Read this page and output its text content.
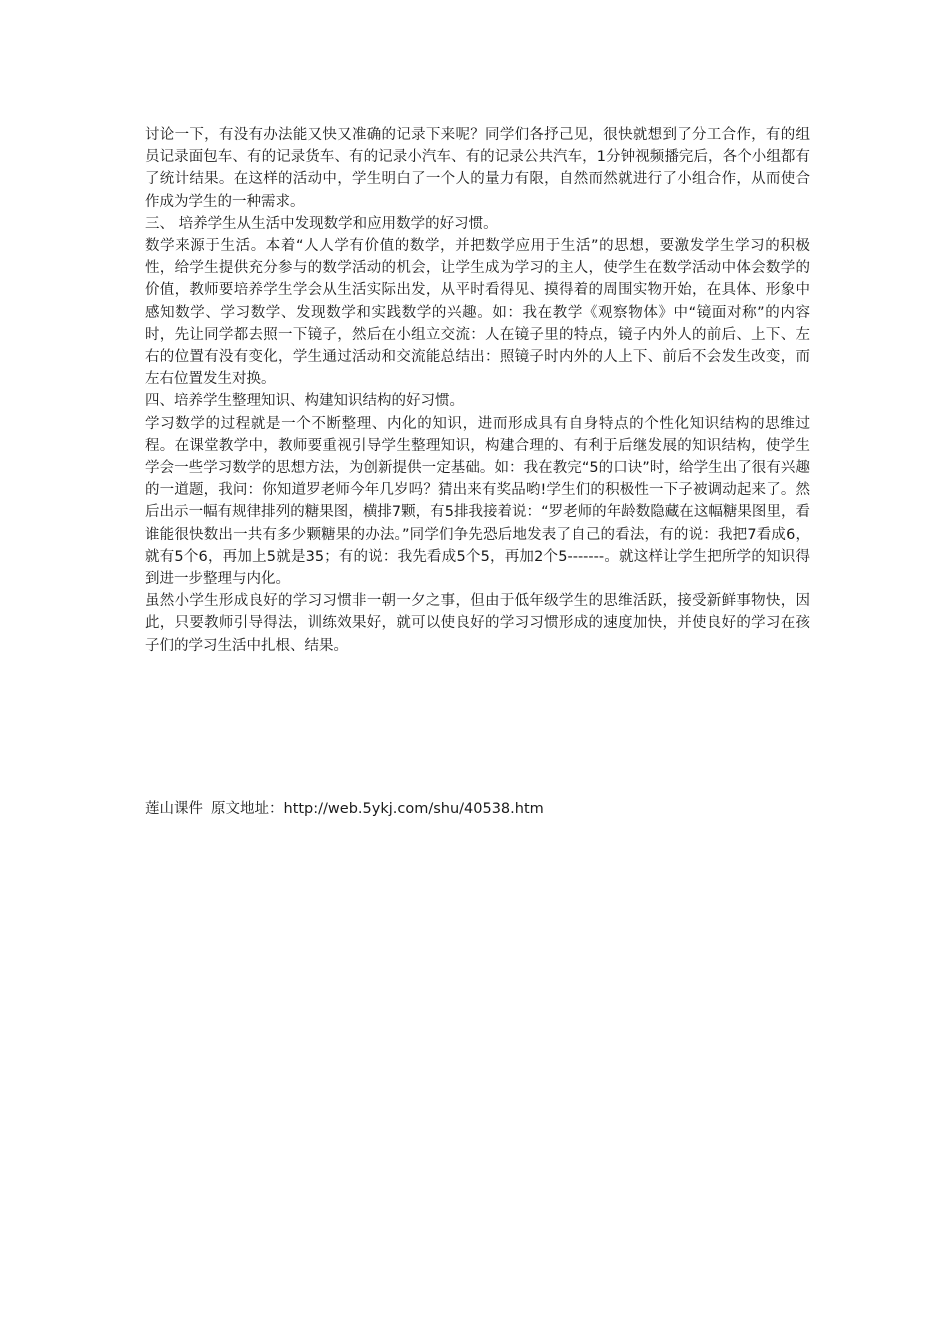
讨论一下，有没有办法能又快又准确的记录下来呢？同学们各抒己见，很快就想到了分工合作，有的组员记录面包车、有的记录货车、有的记录小汽车、有的记录公共汽车，1分钟视频播完后，各个小组都有了统计结果。在这样的活动中，学生明白了一个人的量力有限，自然而然就进行了小组合作，从而使合作成为学生的一种需求。

三、 培养学生从生活中发现数学和应用数学的好习惯。

数学来源于生活。本着“人人学有价值的数学，并把数学应用于生活”的思想，要激发学生学习的积极性，给学生提供充分参与的数学活动的机会，让学生成为学习的主人，使学生在数学活动中体会数学的价值，教师要培养学生学会从生活实际出发，从平时看得见、摸得着的周围实物开始，在具体、形象中感知数学、学习数学、发现数学和实践数学的兴趣。如：我在教学《观察物体》中“镜面对称”的内容时，先让同学都去照一下镜子，然后在小组立交流：人在镜子里的特点，镜子内外人的前后、上下、左右的位置有没有变化，学生通过活动和交流能总结出：照镜子时内外的人上下、前后不会发生改变，而左右位置发生对换。

四、培养学生整理知识、构建知识结构的好习惯。

学习数学的过程就是一个不断整理、内化的知识，进而形成具有自身特点的个性化知识结构的思维过程。在课堂教学中，教师要重视引导学生整理知识，构建合理的、有利于后继发展的知识结构，使学生学会一些学习数学的思想方法，为创新提供一定基础。如：我在教完“5的口诀”时，给学生出了很有兴趣的一道题，我问：你知道罗老师今年几岁吗？猜出来有奖品哟!学生们的积极性一下子被调动起来了。然后出示一幅有规律排列的糖果图，横排7颗，有5排我接着说：“罗老师的年龄数隐藏在这幅糖果图里，看谁能很快数出一共有多少颗糖果的办法。”同学们争先恐后地发表了自己的看法，有的说：我把7看成6，就有5个6，再加上5就是35；有的说：我先看成5个5，再加2个5-------。就这样让学生把所学的知识得到进一步整理与内化。

虽然小学生形成良好的学习习惯非一朝一夕之事，但由于低年级学生的思维活跃，接受新鲜事物快，因此，只要教师引导得法，训练效果好，就可以使良好的学习习惯形成的速度加快，并使良好的学习在孩子们的学习生活中扎根、结果。

莲山课件 原文地址：http://web.5ykj.com/shu/40538.htm
